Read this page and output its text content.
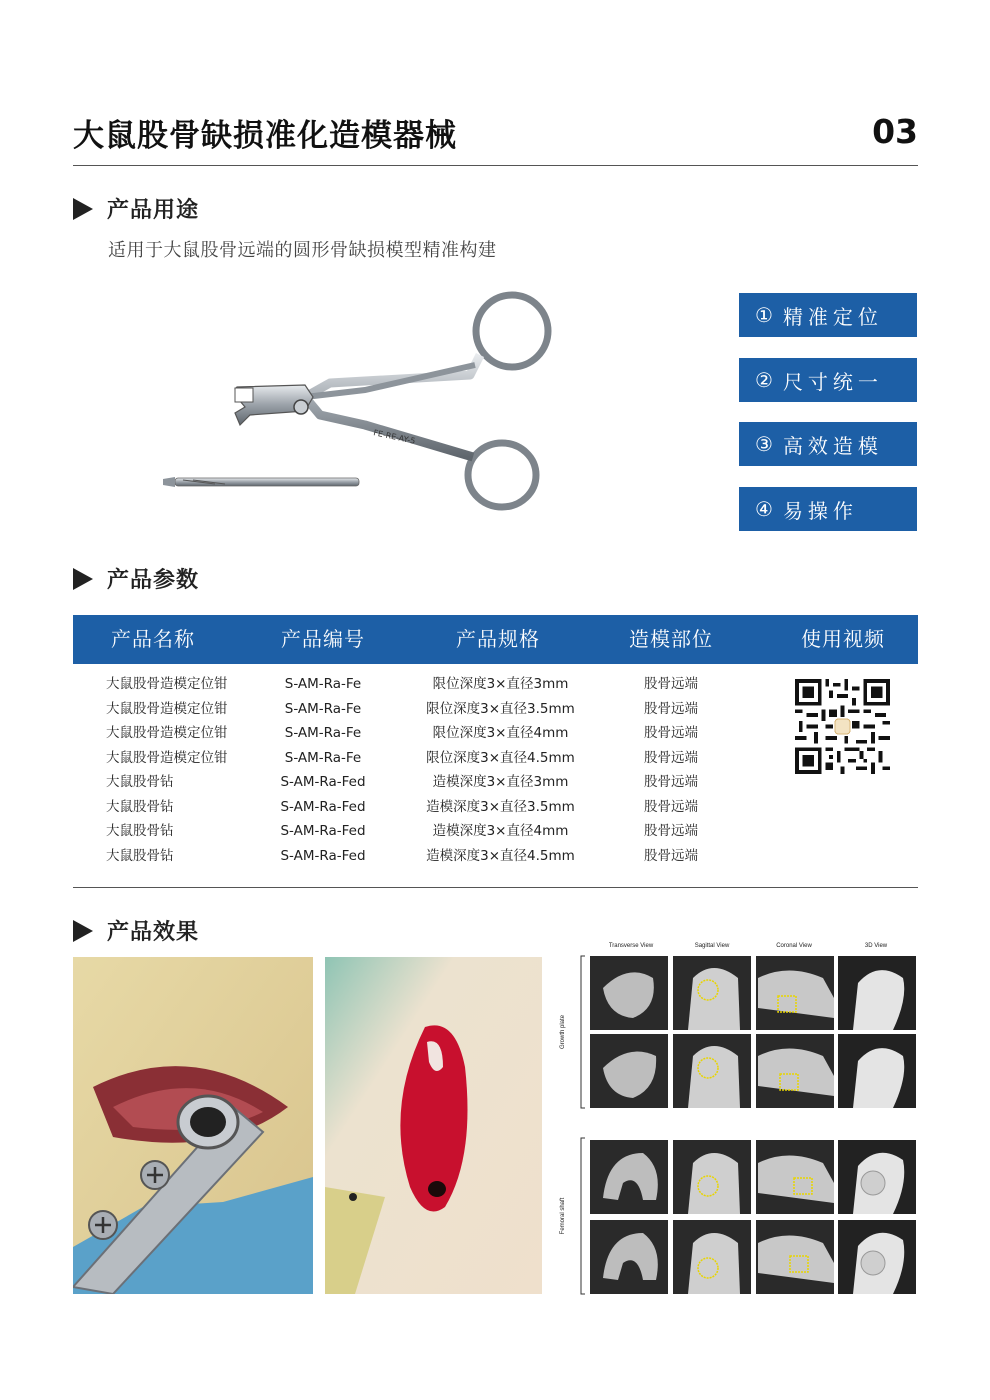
大鼠股骨缺损准化造模器械	03
产品用途
适用于大鼠股骨远端的圆形骨缺损模型精准构建
FE-RE-AY-5
① 精准定位
② 尺寸统一
③ 高效造模
④ 易操作
产品参数
产品名称	产品编号	产品规格	造模部位	使用视频
大鼠股骨造模定位钳	S-AM-Ra-Fe	限位深度3×直径3mm	股骨远端
大鼠股骨造模定位钳	S-AM-Ra-Fe	限位深度3×直径3.5mm	股骨远端
大鼠股骨造模定位钳	S-AM-Ra-Fe	限位深度3×直径4mm	股骨远端
大鼠股骨造模定位钳	S-AM-Ra-Fe	限位深度3×直径4.5mm	股骨远端
大鼠股骨钻	S-AM-Ra-Fed	造模深度3×直径3mm	股骨远端
大鼠股骨钻	S-AM-Ra-Fed	造模深度3×直径3.5mm	股骨远端
大鼠股骨钻	S-AM-Ra-Fed	造模深度3×直径4mm	股骨远端
大鼠股骨钻	S-AM-Ra-Fed	造模深度3×直径4.5mm	股骨远端
产品效果
Transverse View	Sagittal View	Coronal View	3D View
Growth plate
Femoral shaft
